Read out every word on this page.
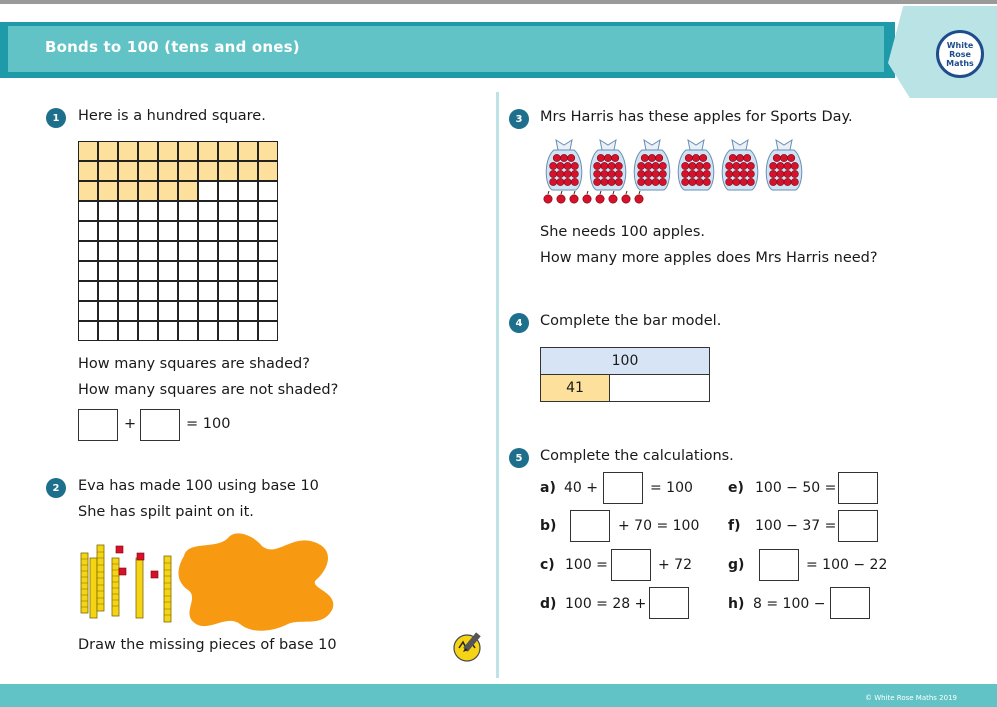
Bonds to 100 (tens and ones)	White
Rose
Maths
1	Here is a hundred square.
How many squares are shaded?
How many squares are not shaded?
+	= 100
2	Eva has made 100 using base 10
She has spilt paint on it.
Draw the missing pieces of base 10
3	Mrs Harris has these apples for Sports Day.
She needs 100 apples.
How many more apples does Mrs Harris need?
4	Complete the bar model.
100
41
5	Complete the calculations.
a) 40 +	= 100
b)	+ 70 = 100
c) 100 =	+ 72
d) 100 = 28 +
e) 100 − 50 =
f) 100 − 37 =
g)	= 100 − 22
h) 8 = 100 −
© White Rose Maths 2019
